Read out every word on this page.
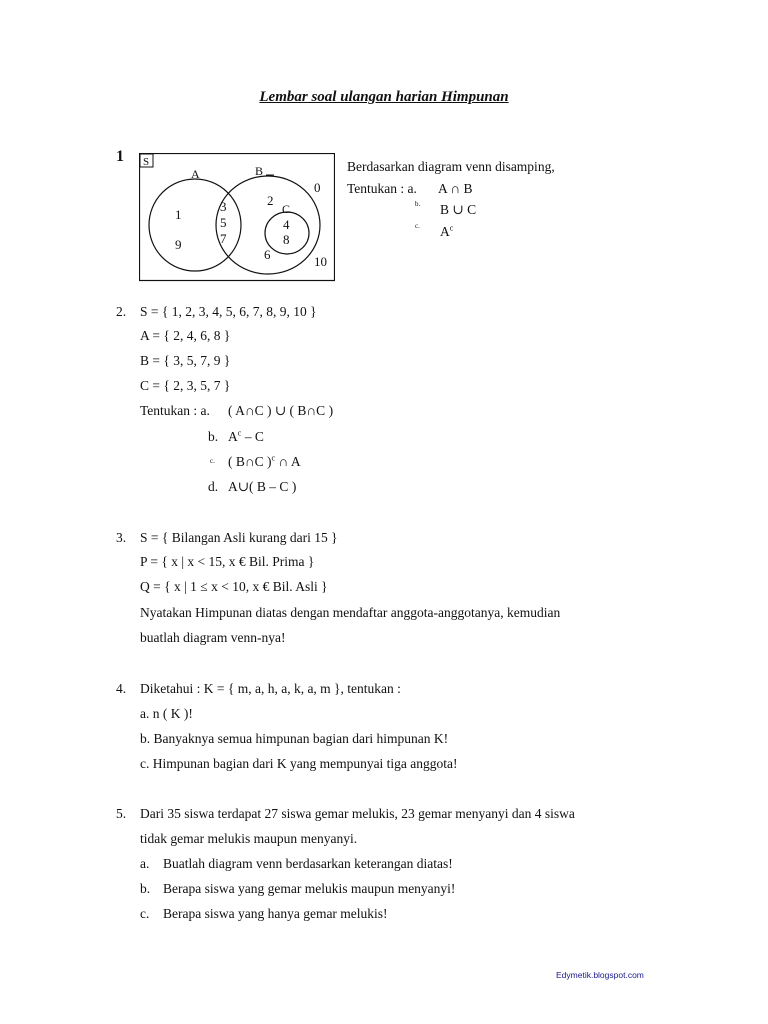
Lembar soal ulangan harian Himpunan
1 S
A	B
C
0
10
1
9
3
5
7
2
6
4
8
Berdasarkan diagram venn disamping,
Tentukan : a. A ∩ B
b. B ∪ C
c. $A^c$
2. S = { 1, 2, 3, 4, 5, 6, 7, 8, 9, 10 }
A = { 2, 4, 6, 8 }
B = { 3, 5, 7, 9 }
C = { 2, 3, 5, 7 }
Tentukan : a. ( A∩C ) ∪ ( B∩C )
b. $A^c$ – C
c. ( B∩C )$^c$ ∩ A
d. A∪( B – C )
3. S = { Bilangan Asli kurang dari 15 }
P = { x | x < 15, x € Bil. Prima }
Q = { x | 1 ≤ x < 10, x € Bil. Asli }
Nyatakan Himpunan diatas dengan mendaftar anggota-anggotanya, kemudian
buatlah diagram venn-nya!
4. Diketahui : K = { m, a, h, a, k, a, m }, tentukan :
a. n ( K )!
b. Banyaknya semua himpunan bagian dari himpunan K!
c. Himpunan bagian dari K yang mempunyai tiga anggota!
5. Dari 35 siswa terdapat 27 siswa gemar melukis, 23 gemar menyanyi dan 4 siswa
tidak gemar melukis maupun menyanyi.
a. Buatlah diagram venn berdasarkan keterangan diatas!
b. Berapa siswa yang gemar melukis maupun menyanyi!
c. Berapa siswa yang hanya gemar melukis!
Edymetik.blogspot.com
